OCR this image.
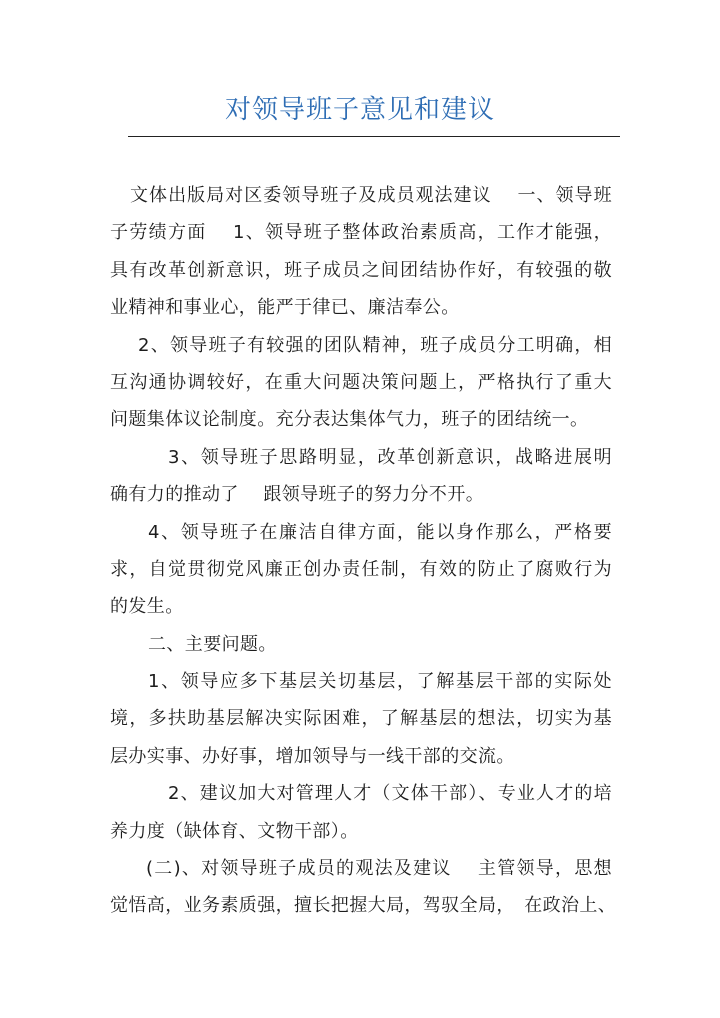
对领导班子意见和建议
文体出版局对区委领导班子及成员观法建议　 一、领导班
子劳绩方面　 1、领导班子整体政治素质高，工作才能强，
具有改革创新意识，班子成员之间团结协作好，有较强的敬
业精神和事业心，能严于律已、廉洁奉公。
2、领导班子有较强的团队精神，班子成员分工明确，相
互沟通协调较好，在重大问题决策问题上，严格执行了重大
问题集体议论制度。充分表达集体气力，班子的团结统一。
3、领导班子思路明显，改革创新意识，战略进展明
确有力的推动了　 跟领导班子的努力分不开。
4、领导班子在廉洁自律方面，能以身作那么，严格要
求，自觉贯彻党风廉正创办责任制，有效的防止了腐败行为
的发生。
二、主要问题。
1、领导应多下基层关切基层，了解基层干部的实际处
境，多扶助基层解决实际困难，了解基层的想法，切实为基
层办实事、办好事，增加领导与一线干部的交流。
2、建议加大对管理人才（文体干部）、专业人才的培
养力度（缺体育、文物干部）。
(二)、对领导班子成员的观法及建议　 主管领导，思想
觉悟高，业务素质强，擅长把握大局，驾驭全局，　在政治上、
